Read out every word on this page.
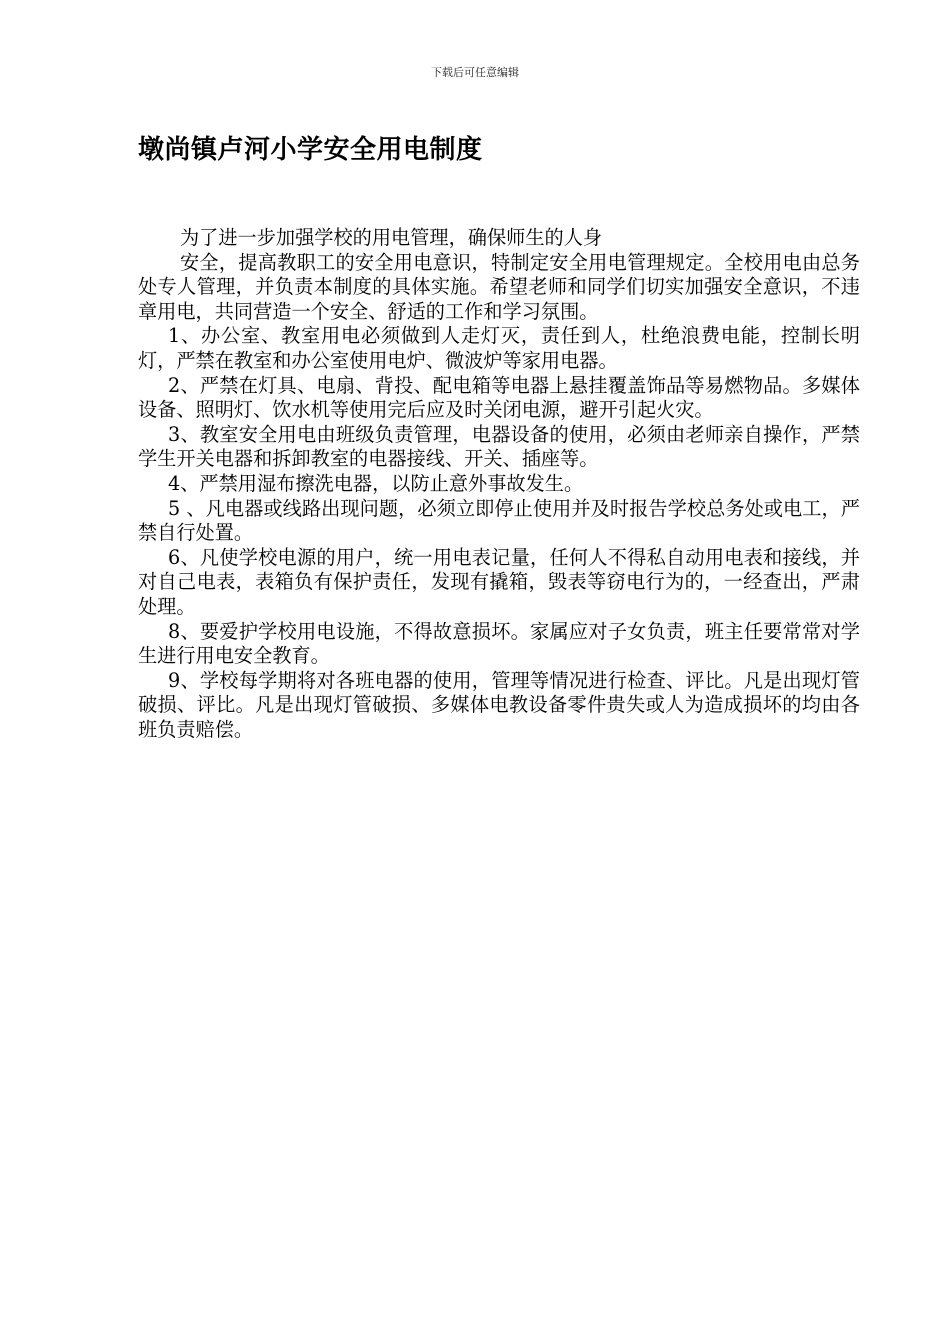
下载后可任意编辑
墩尚镇卢河小学安全用电制度

为了进一步加强学校的用电管理，确保师生的人身

安全，提高教职工的安全用电意识，特制定安全用电管理规定。全校用电由总务处专人管理，并负责本制度的具体实施。希望老师和同学们切实加强安全意识，不违章用电，共同营造一个安全、舒适的工作和学习氛围。

1、办公室、教室用电必须做到人走灯灭，责任到人，杜绝浪费电能，控制长明灯，严禁在教室和办公室使用电炉、微波炉等家用电器。

2、严禁在灯具、电扇、背投、配电箱等电器上悬挂覆盖饰品等易燃物品。多媒体设备、照明灯、饮水机等使用完后应及时关闭电源，避开引起火灾。

3、教室安全用电由班级负责管理，电器设备的使用，必须由老师亲自操作，严禁学生开关电器和拆卸教室的电器接线、开关、插座等。

4、严禁用湿布擦洗电器，以防止意外事故发生。

5 、凡电器或线路出现问题，必须立即停止使用并及时报告学校总务处或电工，严禁自行处置。

6、凡使学校电源的用户，统一用电表记量，任何人不得私自动用电表和接线，并对自己电表，表箱负有保护责任，发现有撬箱，毁表等窃电行为的，一经查出，严肃处理。

8、要爱护学校用电设施，不得故意损坏。家属应对子女负责，班主任要常常对学生进行用电安全教育。

9、学校每学期将对各班电器的使用，管理等情况进行检查、评比。凡是出现灯管破损、评比。凡是出现灯管破损、多媒体电教设备零件贵失或人为造成损坏的均由各班负责赔偿。
